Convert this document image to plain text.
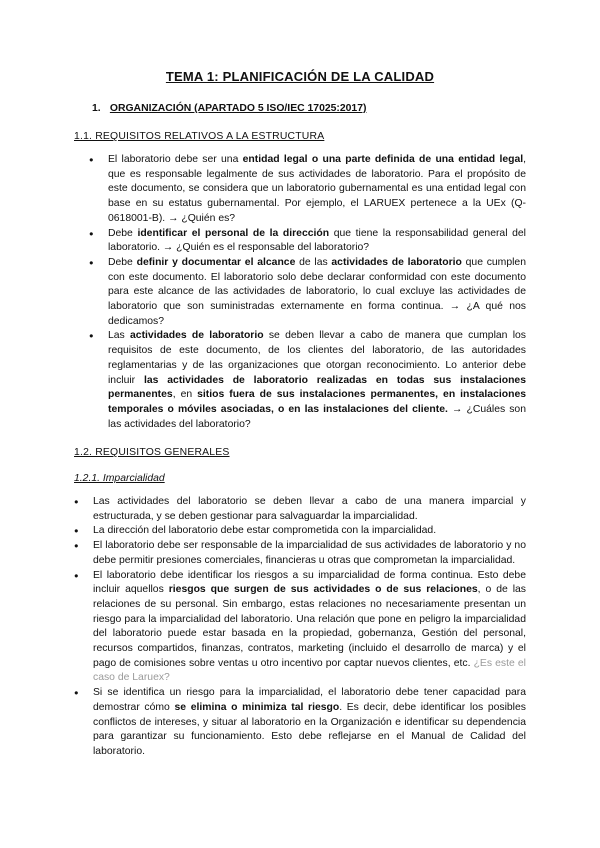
TEMA 1: PLANIFICACIÓN DE LA CALIDAD
1. ORGANIZACIÓN (APARTADO 5 ISO/IEC 17025:2017)
1.1. REQUISITOS RELATIVOS A LA ESTRUCTURA
● El laboratorio debe ser una entidad legal o una parte definida de una entidad legal, que es responsable legalmente de sus actividades de laboratorio. Para el propósito de este documento, se considera que un laboratorio gubernamental es una entidad legal con base en su estatus gubernamental. Por ejemplo, el LARUEX pertenece a la UEx (Q-0618001-B). → ¿Quién es?
● Debe identificar el personal de la dirección que tiene la responsabilidad general del laboratorio. → ¿Quién es el responsable del laboratorio?
● Debe definir y documentar el alcance de las actividades de laboratorio que cumplen con este documento. El laboratorio solo debe declarar conformidad con este documento para este alcance de las actividades de laboratorio, lo cual excluye las actividades de laboratorio que son suministradas externamente en forma continua. → ¿A qué nos dedicamos?
● Las actividades de laboratorio se deben llevar a cabo de manera que cumplan los requisitos de este documento, de los clientes del laboratorio, de las autoridades reglamentarias y de las organizaciones que otorgan reconocimiento. Lo anterior debe incluir las actividades de laboratorio realizadas en todas sus instalaciones permanentes, en sitios fuera de sus instalaciones permanentes, en instalaciones temporales o móviles asociadas, o en las instalaciones del cliente. → ¿Cuáles son las actividades del laboratorio?
1.2. REQUISITOS GENERALES
1.2.1. Imparcialidad
● Las actividades del laboratorio se deben llevar a cabo de una manera imparcial y estructurada, y se deben gestionar para salvaguardar la imparcialidad.
● La dirección del laboratorio debe estar comprometida con la imparcialidad.
● El laboratorio debe ser responsable de la imparcialidad de sus actividades de laboratorio y no debe permitir presiones comerciales, financieras u otras que comprometan la imparcialidad.
● El laboratorio debe identificar los riesgos a su imparcialidad de forma continua. Esto debe incluir aquellos riesgos que surgen de sus actividades o de sus relaciones, o de las relaciones de su personal. Sin embargo, estas relaciones no necesariamente presentan un riesgo para la imparcialidad del laboratorio. Una relación que pone en peligro la imparcialidad del laboratorio puede estar basada en la propiedad, gobernanza, Gestión del personal, recursos compartidos, finanzas, contratos, marketing (incluido el desarrollo de marca) y el pago de comisiones sobre ventas u otro incentivo por captar nuevos clientes, etc. ¿Es este el caso de Laruex?
● Si se identifica un riesgo para la imparcialidad, el laboratorio debe tener capacidad para demostrar cómo se elimina o minimiza tal riesgo. Es decir, debe identificar los posibles conflictos de intereses, y situar al laboratorio en la Organización e identificar su dependencia para garantizar su funcionamiento. Esto debe reflejarse en el Manual de Calidad del laboratorio.
